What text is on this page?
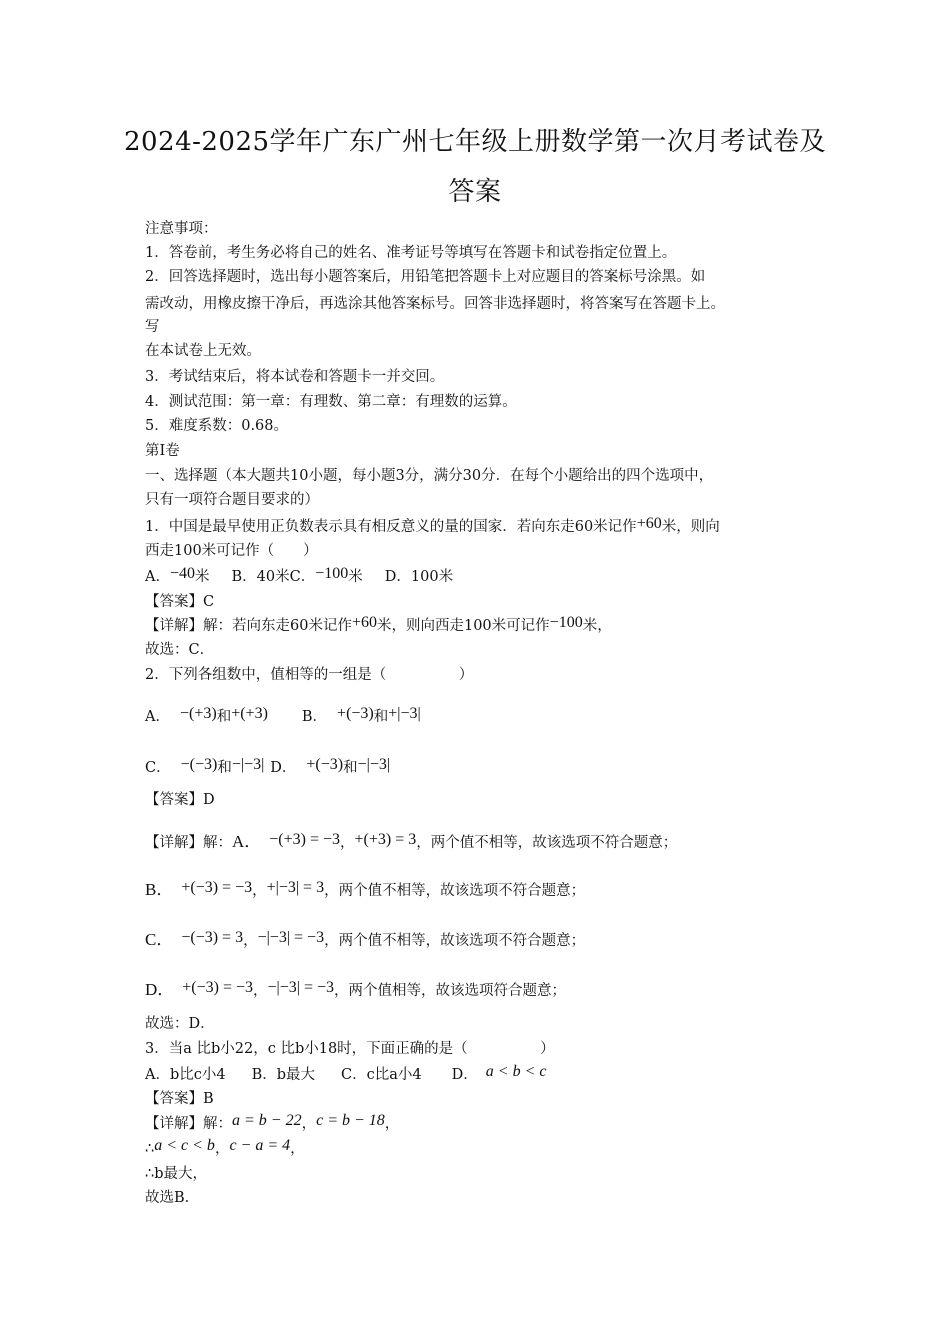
2024-2025学年广东广州七年级上册数学第一次月考试卷及
答案
注意事项：
1．答卷前，考生务必将自己的姓名、准考证号等填写在答题卡和试卷指定位置上。
2．回答选择题时，选出每小题答案后，用铅笔把答题卡上对应题目的答案标号涂黑。如
需改动，用橡皮擦干净后，再选涂其他答案标号。回答非选择题时，将答案写在答题卡上。
写
在本试卷上无效。
3．考试结束后，将本试卷和答题卡一并交回。
4．测试范围：第一章：有理数、第二章：有理数的运算。
5．难度系数：0.68。
第Ⅰ卷
一、选择题（本大题共10小题，每小题3分，满分30分．在每个小题给出的四个选项中，
只有一项符合题目要求的）
1．中国是最早使用正负数表示具有相反意义的量的国家．若向东走60米记作+60米，则向
西走100米可记作（　　）
A．−40米 B．40米C．−100米 D．100米
【答案】C
【详解】解：若向东走60米记作+60米，则向西走100米可记作−100米，
故选：C．
2．下列各组数中，值相等的一组是（　　　　　）
A． −(+3)和+(+3) B． +(−3)和+|−3|
C． −(−3)和−|−3| D． +(−3)和−|−3|
【答案】D
【详解】解：A． −(+3) = −3，+(+3) = 3，两个值不相等，故该选项不符合题意；
B． +(−3) = −3，+|−3| = 3，两个值不相等，故该选项不符合题意；
C． −(−3) = 3，−|−3| = −3，两个值不相等，故该选项不符合题意；
D． +(−3) = −3，−|−3| = −3，两个值相等，故该选项符合题意；
故选：D．
3．当a 比b小22，c 比b小18时，下面正确的是（　　　　　）
A．b比c小4 B．b最大 C．c比a小4 D． a < b < c
【答案】B
【详解】解：a = b − 22，c = b − 18，
∴a < c < b，c − a = 4，
∴b最大，
故选B．
